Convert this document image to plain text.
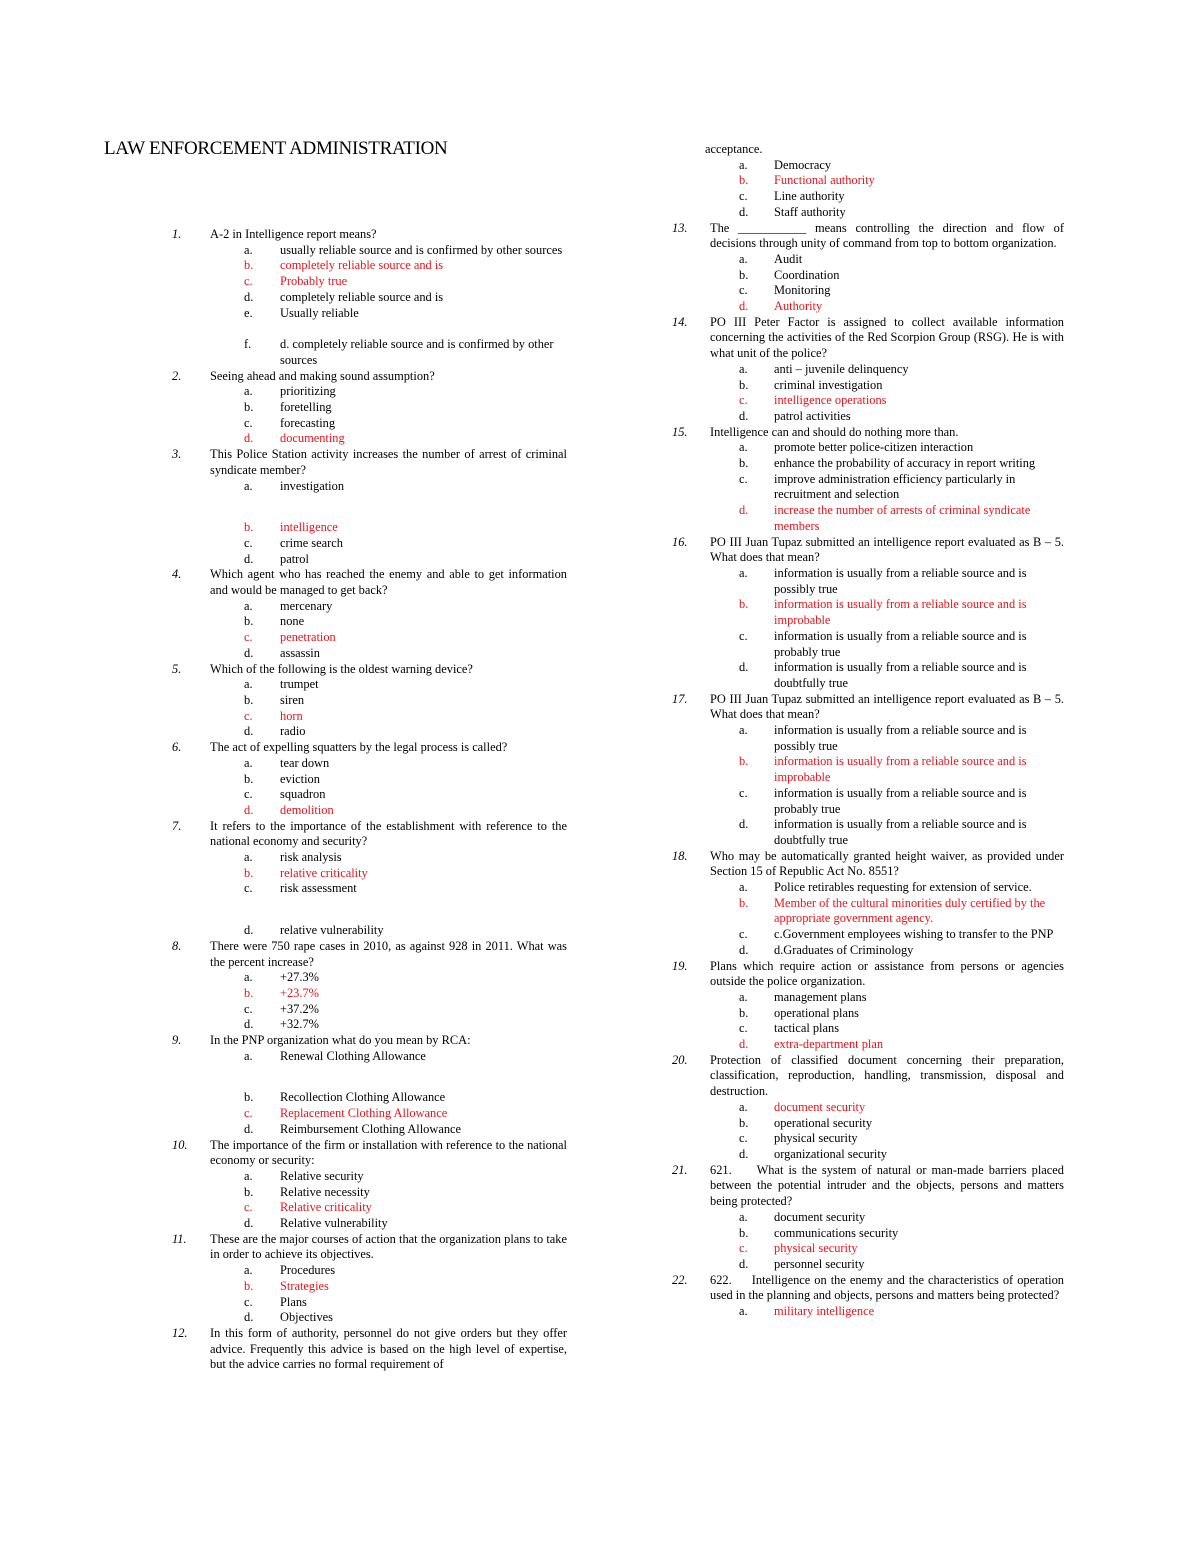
LAW ENFORCEMENT ADMINISTRATION
1. A-2 in Intelligence report means?
a. usually reliable source and is confirmed by other sources
b. completely reliable source and is
c. Probably true
d. completely reliable source and is
e. Usually reliable
f. d. completely reliable source and is confirmed by other sources
2. Seeing ahead and making sound assumption?
a. prioritizing
b. foretelling
c. forecasting
d. documenting
3. This Police Station activity increases the number of arrest of criminal syndicate member?
a. investigation
b. intelligence
c. crime search
d. patrol
4. Which agent who has reached the enemy and able to get information and would be managed to get back?
a. mercenary
b. none
c. penetration
d. assassin
5. Which of the following is the oldest warning device?
a. trumpet
b. siren
c. horn
d. radio
6. The act of expelling squatters by the legal process is called?
a. tear down
b. eviction
c. squadron
d. demolition
7. It refers to the importance of the establishment with reference to the national economy and security?
a. risk analysis
b. relative criticality
c. risk assessment
d. relative vulnerability
8. There were 750 rape cases in 2010, as against 928 in 2011. What was the percent increase?
a. +27.3%
b. +23.7%
c. +37.2%
d. +32.7%
9. In the PNP organization what do you mean by RCA:
a. Renewal Clothing Allowance
b. Recollection Clothing Allowance
c. Replacement Clothing Allowance
d. Reimbursement Clothing Allowance
10. The importance of the firm or installation with reference to the national economy or security:
a. Relative security
b. Relative necessity
c. Relative criticality
d. Relative vulnerability
11. These are the major courses of action that the organization plans to take in order to achieve its objectives.
a. Procedures
b. Strategies
c. Plans
d. Objectives
12. In this form of authority, personnel do not give orders but they offer advice. Frequently this advice is based on the high level of expertise, but the advice carries no formal requirement of
acceptance.
a. Democracy
b. Functional authority
c. Line authority
d. Staff authority
13. The ___________ means controlling the direction and flow of decisions through unity of command from top to bottom organization.
a. Audit
b. Coordination
c. Monitoring
d. Authority
14. PO III Peter Factor is assigned to collect available information concerning the activities of the Red Scorpion Group (RSG). He is with what unit of the police?
a. anti – juvenile delinquency
b. criminal investigation
c. intelligence operations
d. patrol activities
15. Intelligence can and should do nothing more than.
a. promote better police-citizen interaction
b. enhance the probability of accuracy in report writing
c. improve administration efficiency particularly in recruitment and selection
d. increase the number of arrests of criminal syndicate members
16. PO III Juan Tupaz submitted an intelligence report evaluated as B – 5. What does that mean?
a. information is usually from a reliable source and is possibly true
b. information is usually from a reliable source and is improbable
c. information is usually from a reliable source and is probably true
d. information is usually from a reliable source and is doubtfully true
17. PO III Juan Tupaz submitted an intelligence report evaluated as B – 5. What does that mean?
a. information is usually from a reliable source and is possibly true
b. information is usually from a reliable source and is improbable
c. information is usually from a reliable source and is probably true
d. information is usually from a reliable source and is doubtfully true
18. Who may be automatically granted height waiver, as provided under Section 15 of Republic Act No. 8551?
a. Police retirables requesting for extension of service.
b. Member of the cultural minorities duly certified by the appropriate government agency.
c. c.Government employees wishing to transfer to the PNP
d. d.Graduates of Criminology
19. Plans which require action or assistance from persons or agencies outside the police organization.
a. management plans
b. operational plans
c. tactical plans
d. extra-department plan
20. Protection of classified document concerning their preparation, classification, reproduction, handling, transmission, disposal and destruction.
a. document security
b. operational security
c. physical security
d. organizational security
21. 621.     What is the system of natural or man-made barriers placed between the potential intruder and the objects, persons and matters being protected?
a. document security
b. communications security
c. physical security
d. personnel security
22. 622.     Intelligence on the enemy and the characteristics of operation used in the planning and objects, persons and matters being protected?
a. military intelligence
